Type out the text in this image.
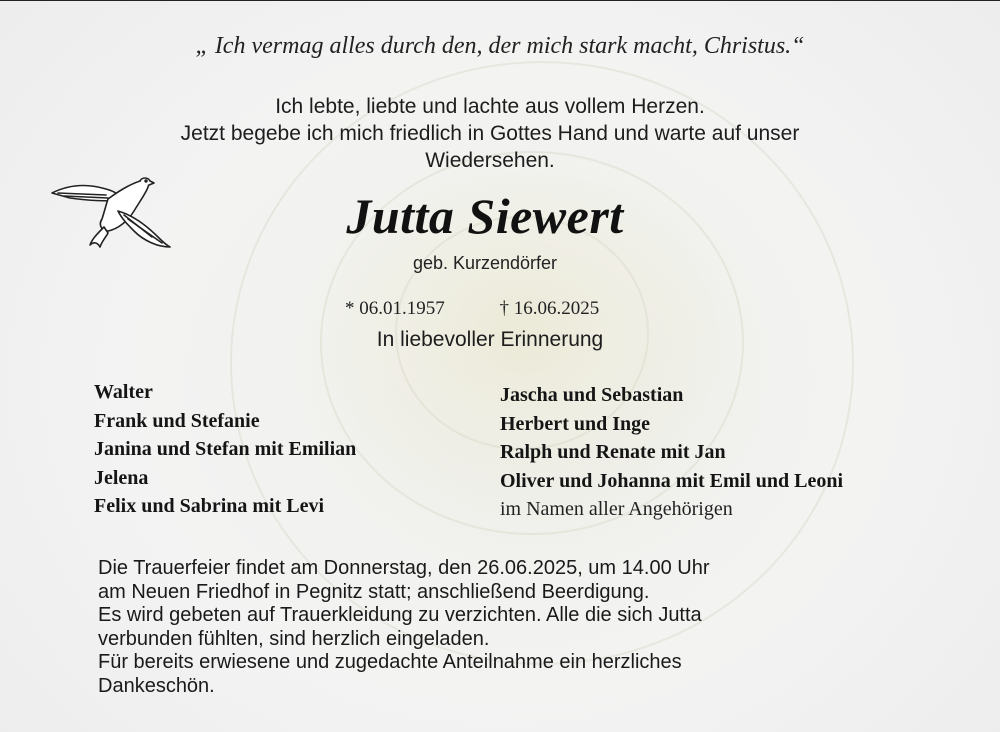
„ Ich vermag alles durch den, der mich stark macht, Christus.“
Ich lebte, liebte und lachte aus vollem Herzen.
Jetzt begebe ich mich friedlich in Gottes Hand und warte auf unser
Wiedersehen.
Jutta Siewert
geb. Kurzendörfer
* 06.01.1957	† 16.06.2025
In liebevoller Erinnerung
Walter
Frank und Stefanie
Janina und Stefan mit Emilian
Jelena
Felix und Sabrina mit Levi
Jascha und Sebastian
Herbert und Inge
Ralph und Renate mit Jan
Oliver und Johanna mit Emil und Leoni
im Namen aller Angehörigen
Die Trauerfeier findet am Donnerstag, den 26.06.2025, um 14.00 Uhr
am Neuen Friedhof in Pegnitz statt; anschließend Beerdigung.
Es wird gebeten auf Trauerkleidung zu verzichten. Alle die sich Jutta
verbunden fühlten, sind herzlich eingeladen.
Für bereits erwiesene und zugedachte Anteilnahme ein herzliches
Dankeschön.
